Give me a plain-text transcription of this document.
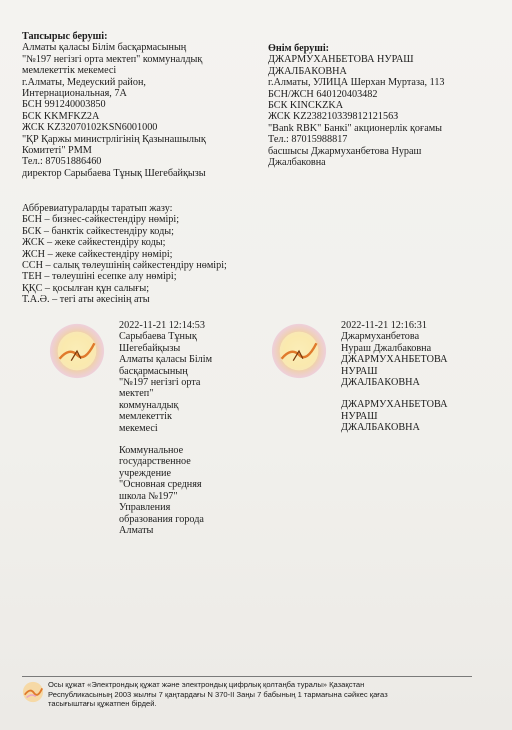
Тапсырыс беруші:
Алматы қаласы Білім басқармасының
"№197 негізгі орта мектеп" коммуналдық
мемлекеттік мекемесі
г.Алматы, Медеуский район,
Интернациональная, 7А
БСН 991240003850
БСК KKMFKZ2A
ЖСК KZ32070102KSN6001000
"ҚР Қаржы министрлігінің Қазынашылық
Комитеті" РММ
Тел.: 87051886460
директор Сарыбаева Тұнық Шегебайқызы
Өнім беруші:
ДЖАРМУХАНБЕТОВА НУРАШ
ДЖАЛБАКОВНА
г.Алматы, УЛИЦА Шерхан Муртаза, 113
БСН/ЖСН 640120403482
БСК KINCKZKA
ЖСК KZ23821033981212156З
"Bank RBK" Банкі" акционерлік қоғамы
Тел.: 87015988817
басшысы Джармуханбетова Нураш
Джалбаковна
Аббревиатураларды таратып жазу:
БСН – бизнес-сәйкестендіру нөмірі;
БСК – банктік сәйкестендіру коды;
ЖСК – жеке сәйкестендіру коды;
ЖСН – жеке сәйкестендіру нөмірі;
ССН – салық төлеушінің сәйкестендіру нөмірі;
ТЕН – төлеушіні есепке алу нөмірі;
ҚҚС – қосылған құн салығы;
Т.А.Ә. – тегі аты әкесінің аты
2022-11-21 12:14:53
Сарыбаева Тұнық
Шегебайқызы
Алматы қаласы Білім
басқармасының
"№197 негізгі орта
мектеп"
коммуналдық
мемлекеттік
мекемесі
Коммунальное
государственное
учреждение
"Основная средняя
школа №197"
Управления
образования города
Алматы
2022-11-21 12:16:31
Джармуханбетова
Нураш Джалбаковна
ДЖАРМУХАНБЕТОВА
НУРАШ
ДЖАЛБАКОВНА
ДЖАРМУХАНБЕТОВА
НУРАШ
ДЖАЛБАКОВНА
Осы құжат «Электрондық құжат және электрондық цифрлық қолтаңба туралы» Қазақстан
Республикасының 2003 жылғы 7 қаңтардағы N 370-II Заңы 7 бабының 1 тармағына сәйкес қағаз
тасығыштағы құжатпен бірдей.
